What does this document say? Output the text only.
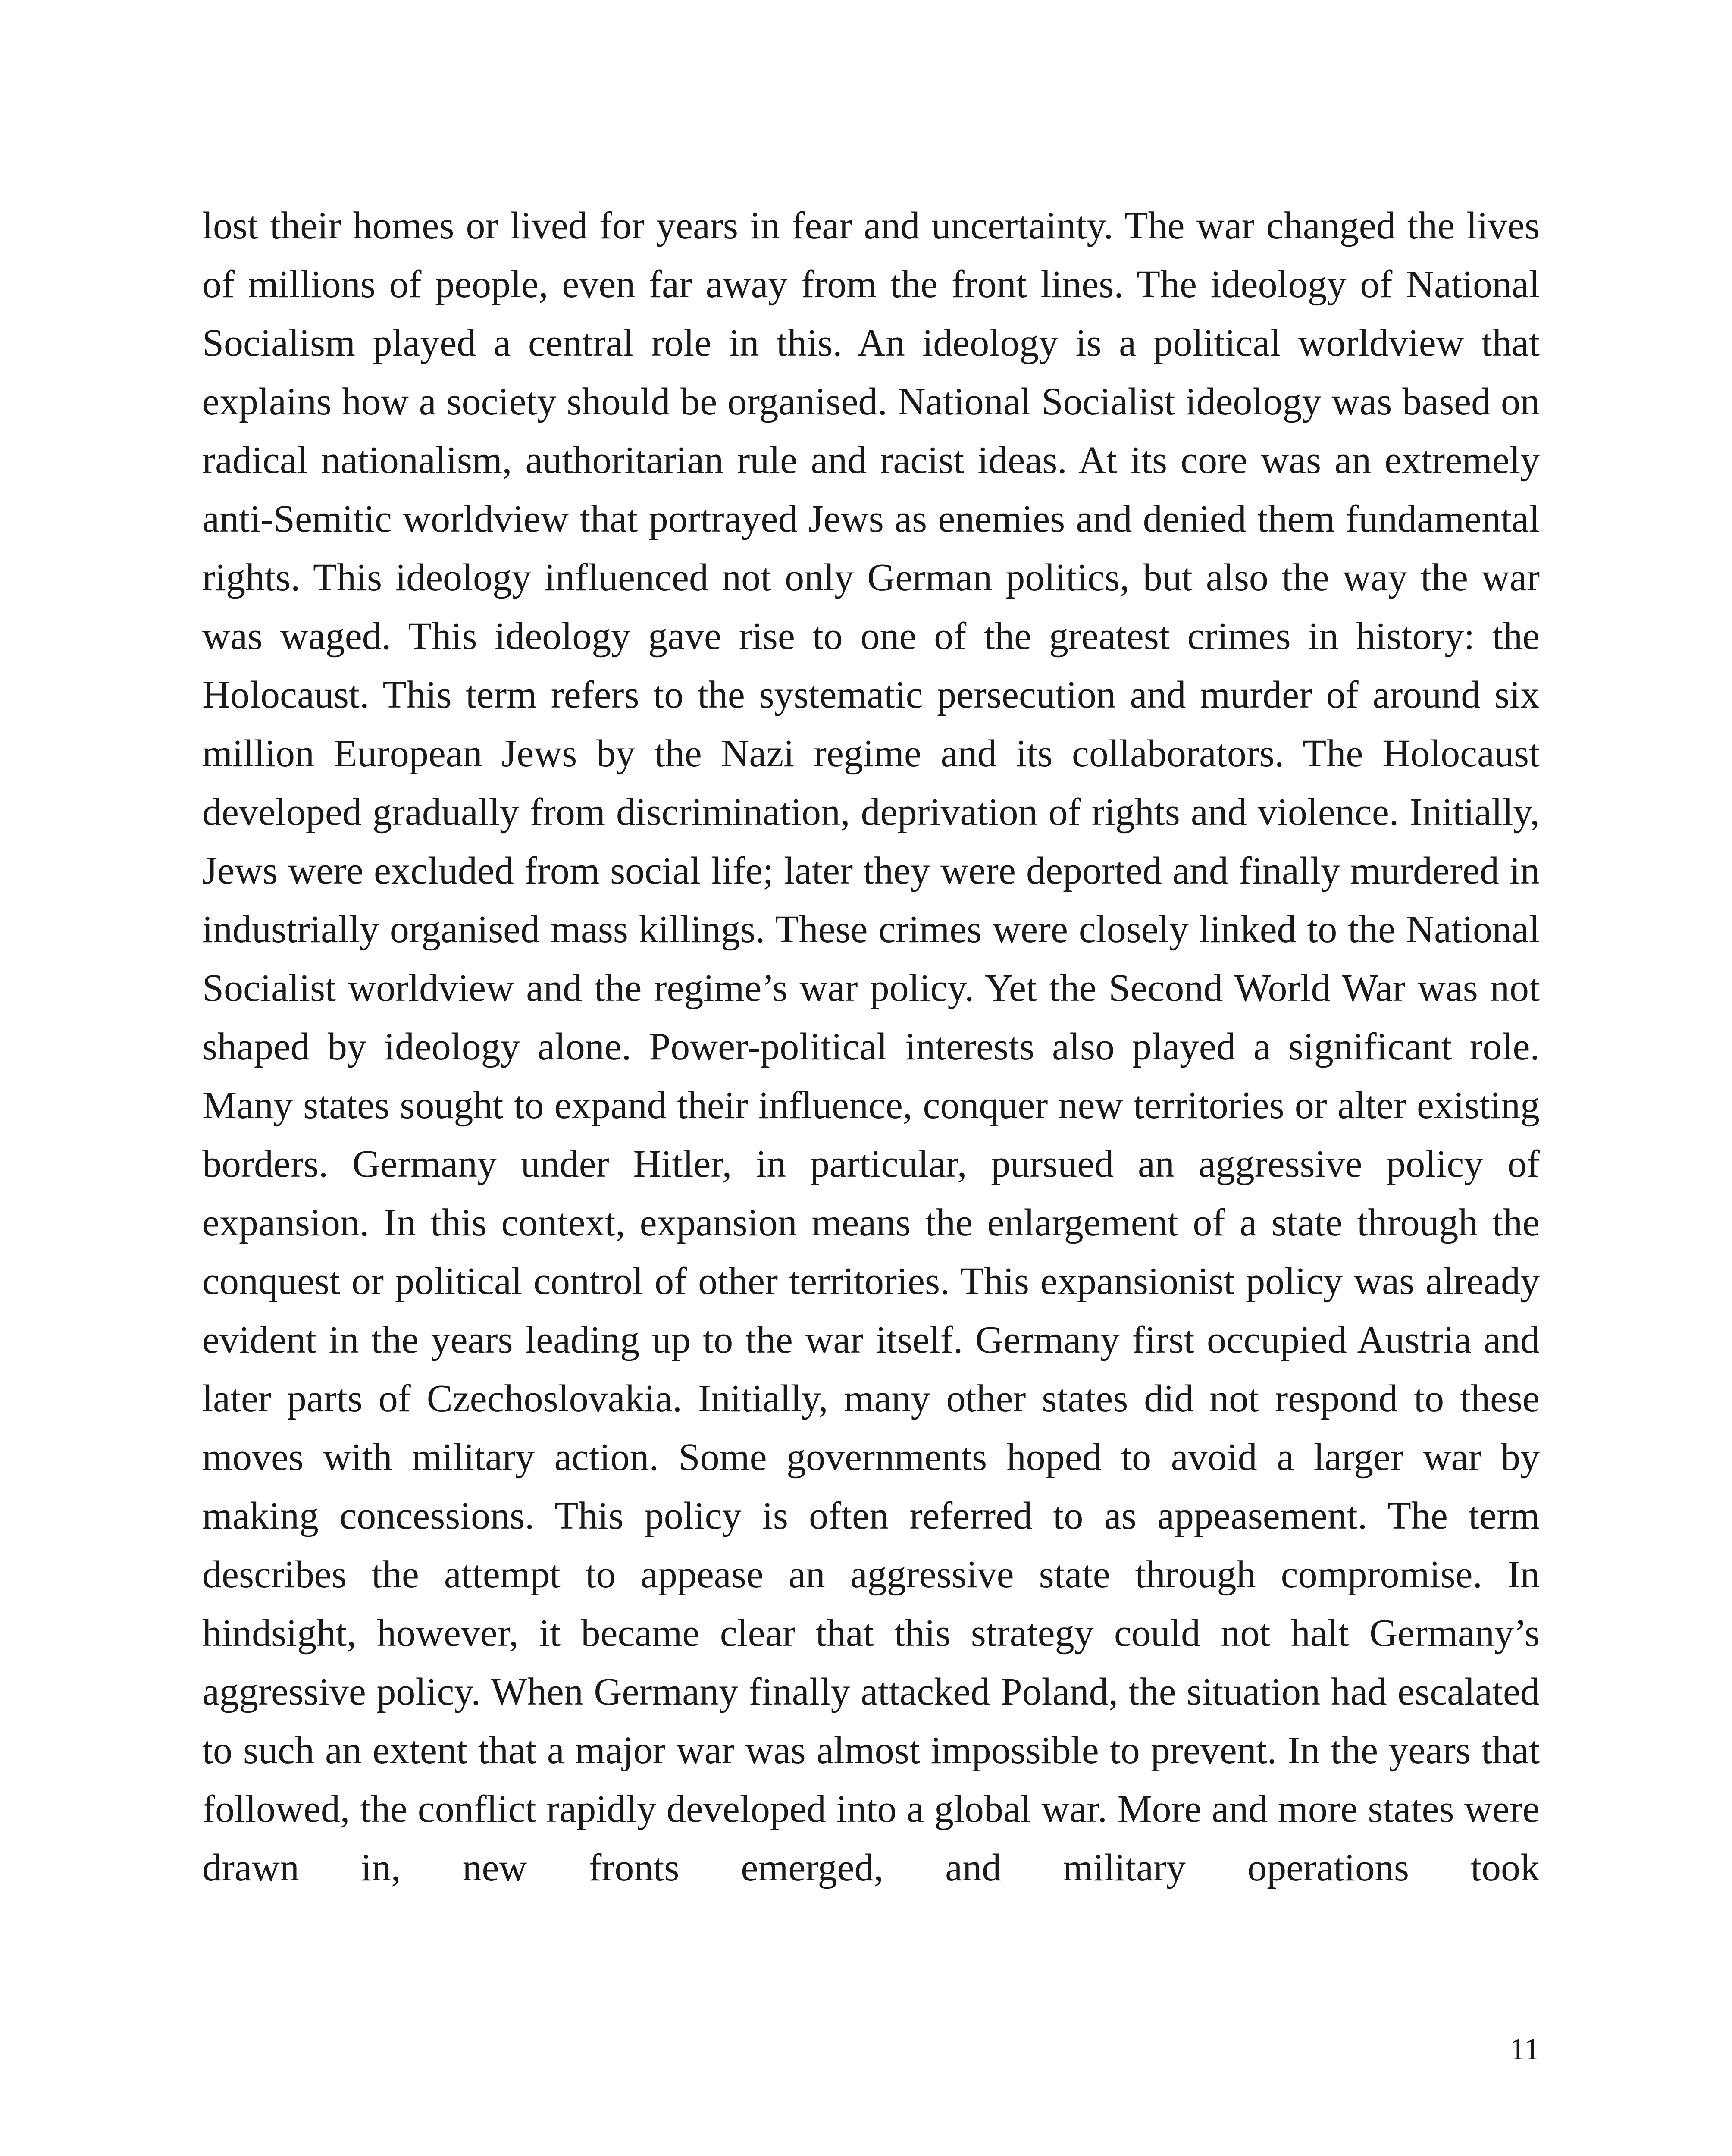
lost their homes or lived for years in fear and uncertainty. The war changed the lives of millions of people, even far away from the front lines. The ideology of National Socialism played a central role in this. An ideology is a political worldview that explains how a society should be organised. National Socialist ideology was based on radical nationalism, authoritarian rule and racist ideas. At its core was an extremely anti-Semitic worldview that portrayed Jews as enemies and denied them fundamental rights. This ideology influenced not only German politics, but also the way the war was waged. This ideology gave rise to one of the greatest crimes in history: the Holocaust. This term refers to the systematic persecution and murder of around six million European Jews by the Nazi regime and its collaborators. The Holocaust developed gradually from discrimination, deprivation of rights and violence. Initially, Jews were excluded from social life; later they were deported and finally murdered in industrially organised mass killings. These crimes were closely linked to the National Socialist worldview and the regime’s war policy. Yet the Second World War was not shaped by ideology alone. Power-political interests also played a significant role. Many states sought to expand their influence, conquer new territories or alter existing borders. Germany under Hitler, in particular, pursued an aggressive policy of expansion. In this context, expansion means the enlargement of a state through the conquest or political control of other territories. This expansionist policy was already evident in the years leading up to the war itself. Germany first occupied Austria and later parts of Czechoslovakia. Initially, many other states did not respond to these moves with military action. Some governments hoped to avoid a larger war by making concessions. This policy is often referred to as appeasement. The term describes the attempt to appease an aggressive state through compromise. In hindsight, however, it became clear that this strategy could not halt Germany’s aggressive policy. When Germany finally attacked Poland, the situation had escalated to such an extent that a major war was almost impossible to prevent. In the years that followed, the conflict rapidly developed into a global war. More and more states were drawn in, new fronts emerged, and military operations took

11
